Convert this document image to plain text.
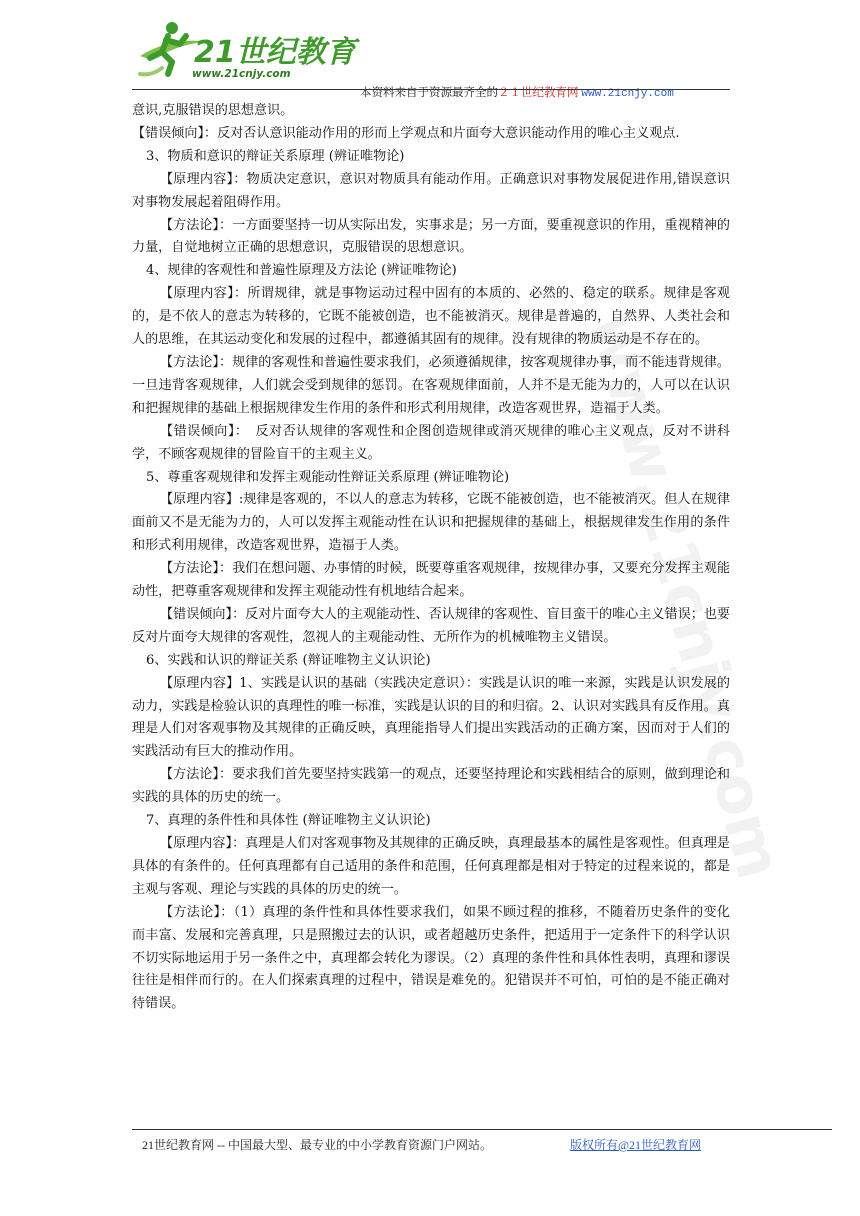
21世纪教育
www.21cnjy.com
本资料来自于资源最齐全的２１世纪教育网 www.21cnjy.com

意识,克服错误的思想意识。

【错误倾向】：反对否认意识能动作用的形而上学观点和片面夸大意识能动作用的唯心主义观点.

3、物质和意识的辩证关系原理 (辨证唯物论)

【原理内容】：物质决定意识，意识对物质具有能动作用。正确意识对事物发展促进作用,错误意识对事物发展起着阻碍作用。

【方法论】：一方面要坚持一切从实际出发，实事求是；另一方面，要重视意识的作用，重视精神的力量，自觉地树立正确的思想意识，克服错误的思想意识。

4、规律的客观性和普遍性原理及方法论 (辨证唯物论)

【原理内容】：所谓规律，就是事物运动过程中固有的本质的、必然的、稳定的联系。规律是客观的，是不依人的意志为转移的，它既不能被创造，也不能被消灭。规律是普遍的，自然界、人类社会和人的思维，在其运动变化和发展的过程中，都遵循其固有的规律。没有规律的物质运动是不存在的。

【方法论】：规律的客观性和普遍性要求我们，必须遵循规律，按客观规律办事，而不能违背规律。一旦违背客观规律，人们就会受到规律的惩罚。在客观规律面前，人并不是无能为力的，人可以在认识和把握规律的基础上根据规律发生作用的条件和形式利用规律，改造客观世界，造福于人类。

【错误倾向】：　反对否认规律的客观性和企图创造规律或消灭规律的唯心主义观点，反对不讲科学，不顾客观规律的冒险盲干的主观主义。

5、尊重客观规律和发挥主观能动性辩证关系原理 (辨证唯物论)

【原理内容】:规律是客观的，不以人的意志为转移，它既不能被创造，也不能被消灭。但人在规律面前又不是无能为力的，人可以发挥主观能动性在认识和把握规律的基础上，根据规律发生作用的条件和形式利用规律，改造客观世界，造福于人类。

【方法论】：我们在想问题、办事情的时候，既要尊重客观规律，按规律办事，又要充分发挥主观能动性，把尊重客观规律和发挥主观能动性有机地结合起来。

【错误倾向】：反对片面夸大人的主观能动性、否认规律的客观性、盲目蛮干的唯心主义错误；也要反对片面夸大规律的客观性，忽视人的主观能动性、无所作为的机械唯物主义错误。

6、实践和认识的辩证关系 (辩证唯物主义认识论)

【原理内容】1、实践是认识的基础（实践决定意识）：实践是认识的唯一来源，实践是认识发展的动力，实践是检验认识的真理性的唯一标准，实践是认识的目的和归宿。2、认识对实践具有反作用。真理是人们对客观事物及其规律的正确反映，真理能指导人们提出实践活动的正确方案，因而对于人们的实践活动有巨大的推动作用。

【方法论】：要求我们首先要坚持实践第一的观点，还要坚持理论和实践相结合的原则，做到理论和实践的具体的历史的统一。

7、真理的条件性和具体性 (辩证唯物主义认识论)

【原理内容】：真理是人们对客观事物及其规律的正确反映，真理最基本的属性是客观性。但真理是具体的有条件的。任何真理都有自己适用的条件和范围，任何真理都是相对于特定的过程来说的，都是主观与客观、理论与实践的具体的历史的统一。

【方法论】：（1）真理的条件性和具体性要求我们，如果不顾过程的推移，不随着历史条件的变化而丰富、发展和完善真理，只是照搬过去的认识，或者超越历史条件，把适用于一定条件下的科学认识不切实际地运用于另一条件之中，真理都会转化为谬误。（2）真理的条件性和具体性表明，真理和谬误往往是相伴而行的。在人们探索真理的过程中，错误是难免的。犯错误并不可怕，可怕的是不能正确对待错误。

www.21cnjy.com
21世纪教育网 -- 中国最大型、最专业的中小学教育资源门户网站。	版权所有@21世纪教育网
